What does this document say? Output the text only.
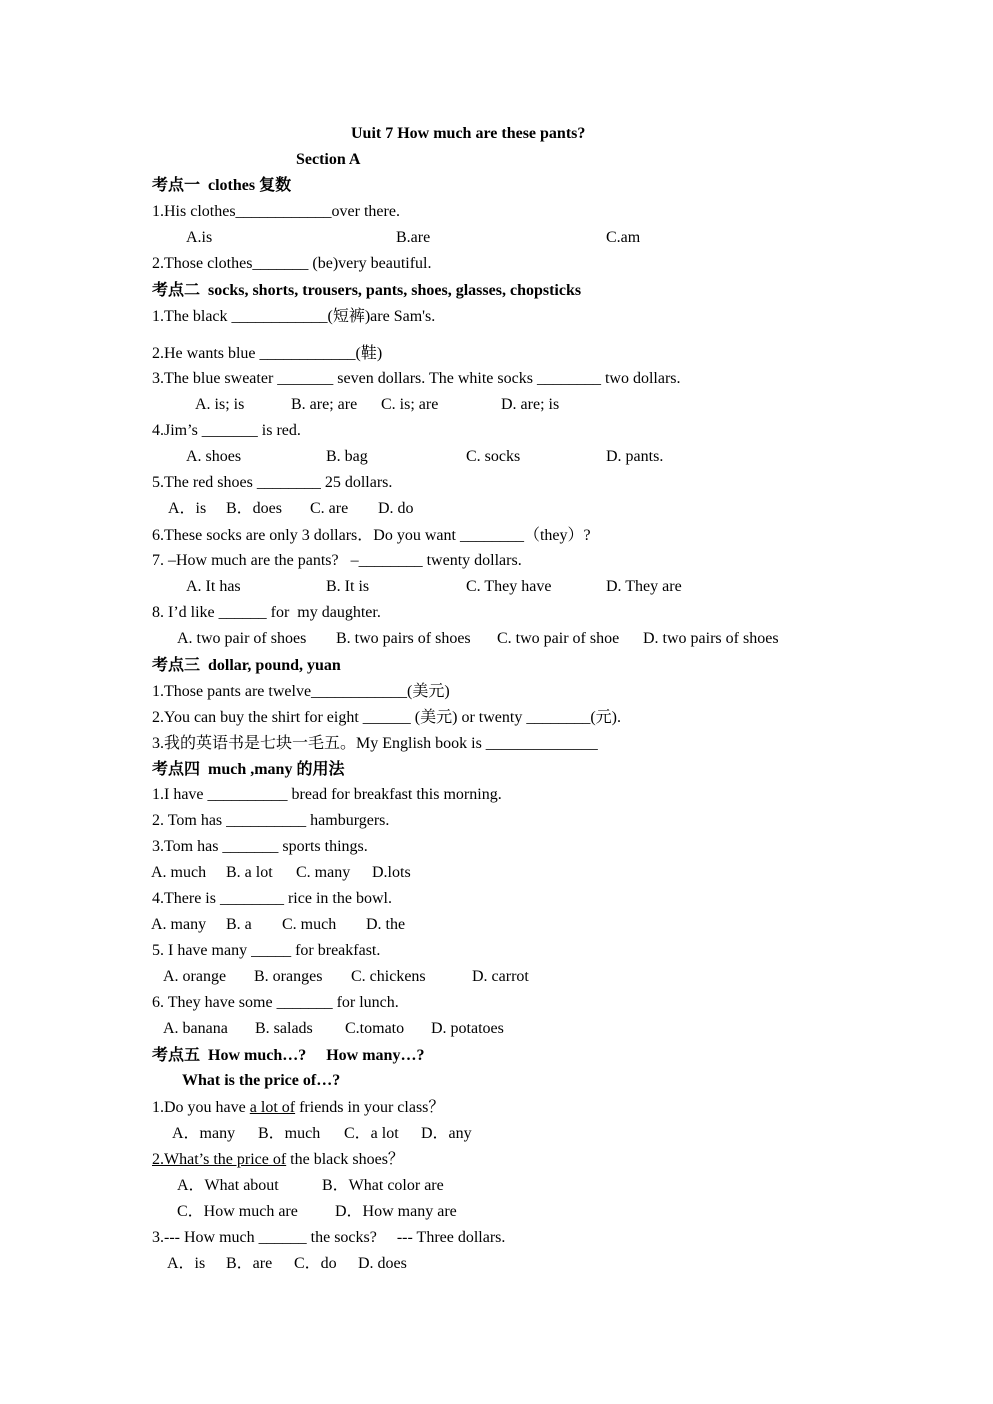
Uuit 7 How much are these pants?
Section A
考点一  clothes 复数
1.His clothes____________over there.
A.is	B.are	C.am
2.Those clothes_______ (be)very beautiful.
考点二  socks, shorts, trousers, pants, shoes, glasses, chopsticks
1.The black ____________(短裤)are Sam's.
2.He wants blue ____________(鞋)
3.The blue sweater _______ seven dollars. The white socks ________ two dollars.
A. is; is	B. are; are C. is; are	D. are; is
4.Jim’s _______ is red.
A. shoes	B. bag	C. socks	D. pants.
5.The red shoes ________ 25 dollars.
A．is B．does C. are D. do
6.These socks are only 3 dollars．Do you want ________（they）?
7. –How much are the pants?   –________ twenty dollars.
A. It has	B. It is	C. They have	D. They are
8. I’d like ______ for  my daughter.
A. two pair of shoes B. two pairs of shoes C. two pair of shoe D. two pairs of shoes
考点三  dollar, pound, yuan
1.Those pants are twelve____________(美元)
2.You can buy the shirt for eight ______ (美元) or twenty ________(元).
3.我的英语书是七块一毛五。My English book is ______________
考点四  much ,many 的用法
1.I have __________ bread for breakfast this morning.
2. Tom has __________ hamburgers.
3.Tom has _______ sports things.
A. much B. a lot C. many D.lots
4.There is ________ rice in the bowl.
A. many B. a C. much D. the
5. I have many _____ for breakfast.
A. orange B. oranges C. chickens	D. carrot
6. They have some _______ for lunch.
A. banana B. salads C.tomato D. potatoes
考点五  How much…?     How many…?
What is the price of…?
1.Do you have a lot of friends in your class？
A．many B．much C．a lot D．any
2.What’s the price of the black shoes？
A．What about	B．What color are
C．How much are D．How many are
3.--- How much ______ the socks?     --- Three dollars.
A．is B．are C．do D. does
